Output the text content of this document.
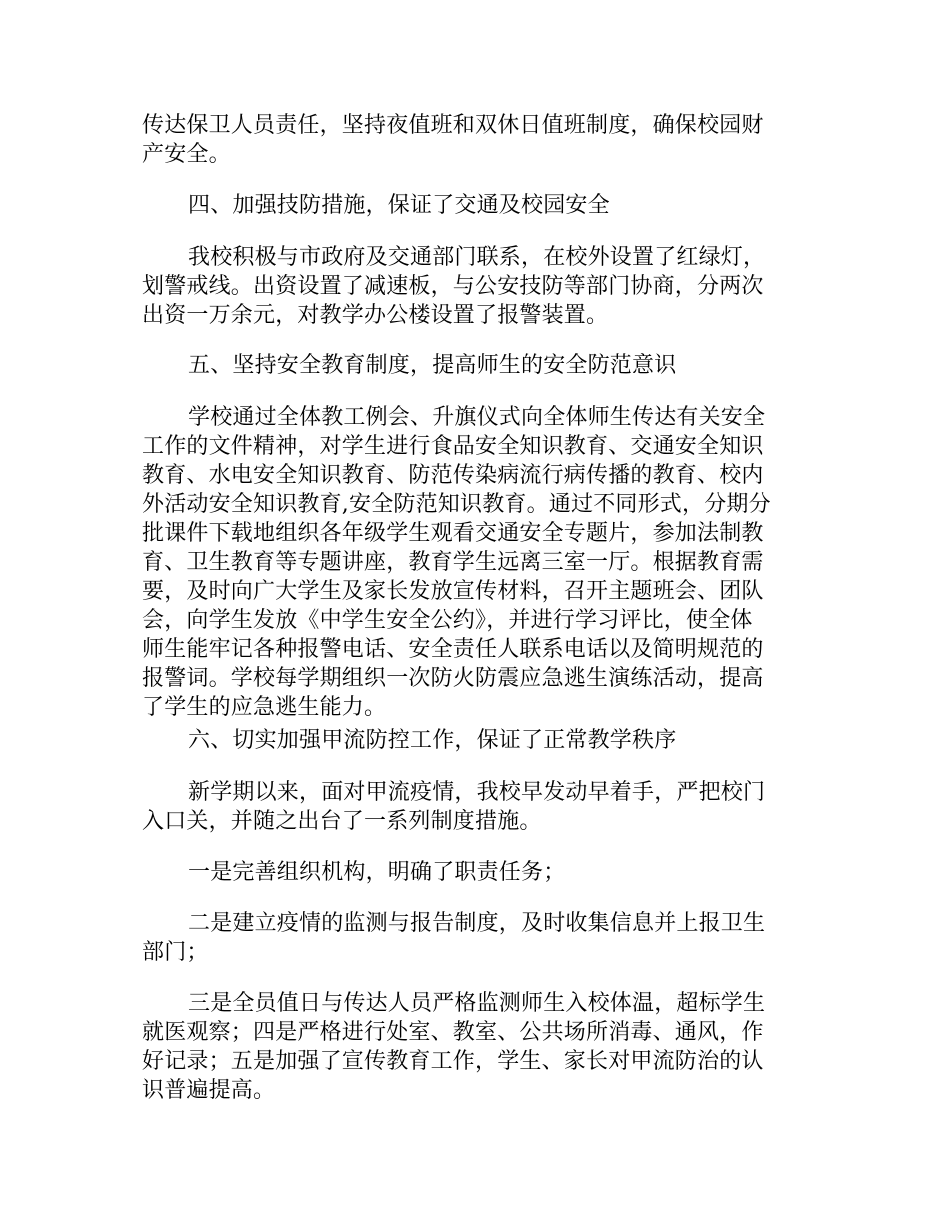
传达保卫人员责任，坚持夜值班和双休日值班制度，确保校园财
产安全。
四、加强技防措施，保证了交通及校园安全
我校积极与市政府及交通部门联系，在校外设置了红绿灯，
划警戒线。出资设置了减速板，与公安技防等部门协商，分两次
出资一万余元，对教学办公楼设置了报警装置。
五、坚持安全教育制度，提高师生的安全防范意识
学校通过全体教工例会、升旗仪式向全体师生传达有关安全
工作的文件精神，对学生进行食品安全知识教育、交通安全知识
教育、水电安全知识教育、防范传染病流行病传播的教育、校内
外活动安全知识教育,安全防范知识教育。通过不同形式，分期分
批课件下载地组织各年级学生观看交通安全专题片，参加法制教
育、卫生教育等专题讲座，教育学生远离三室一厅。根据教育需
要，及时向广大学生及家长发放宣传材料，召开主题班会、团队
会，向学生发放《中学生安全公约》，并进行学习评比，使全体
师生能牢记各种报警电话、安全责任人联系电话以及简明规范的
报警词。学校每学期组织一次防火防震应急逃生演练活动，提高
了学生的应急逃生能力。
六、切实加强甲流防控工作，保证了正常教学秩序
新学期以来，面对甲流疫情，我校早发动早着手，严把校门
入口关，并随之出台了一系列制度措施。
一是完善组织机构，明确了职责任务；
二是建立疫情的监测与报告制度，及时收集信息并上报卫生
部门；
三是全员值日与传达人员严格监测师生入校体温，超标学生
就医观察；四是严格进行处室、教室、公共场所消毒、通风，作
好记录；五是加强了宣传教育工作，学生、家长对甲流防治的认
识普遍提高。
